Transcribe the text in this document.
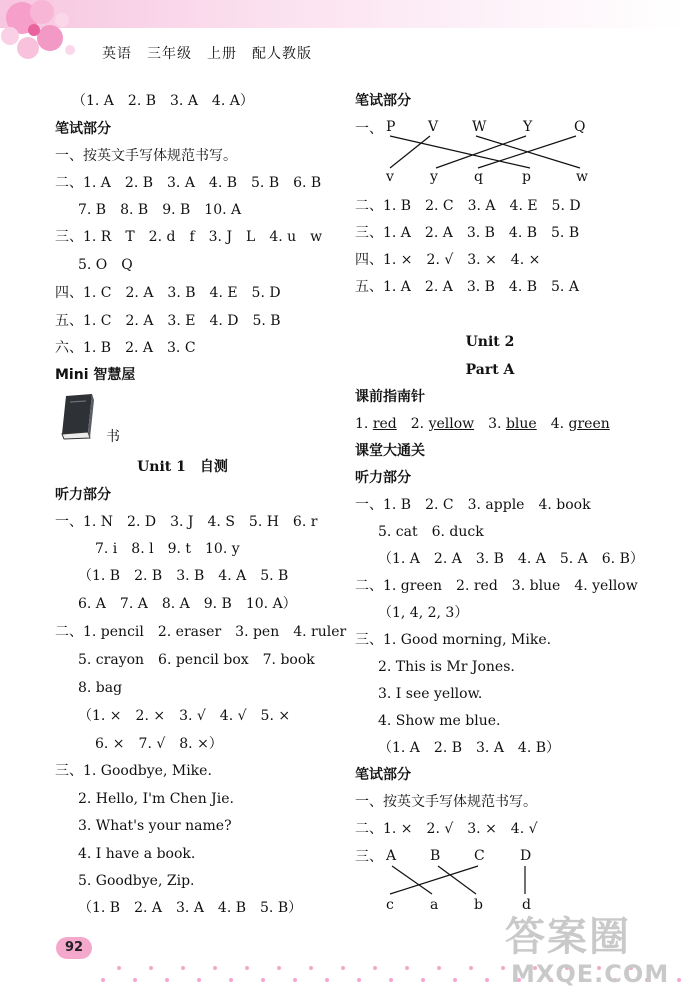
英语　三年级　上册　配人教版
（1. A　2. B　3. A　4. A）
笔试部分
一、按英文手写体规范书写。
二、1. A　2. B　3. A　4. B　5. B　6. B
7. B　8. B　9. B　10. A
三、1. R　T　2. d　f　3. J　L　4. u　w
5. O　Q
四、1. C　2. A　3. B　4. E　5. D
五、1. C　2. A　3. E　4. D　5. B
六、1. B　2. A　3. C
Mini 智慧屋
书
Unit 1　自测
听力部分
一、1. N　2. D　3. J　4. S　5. H　6. r
7. i　8. l　9. t　10. y
（1. B　2. B　3. B　4. A　5. B
6. A　7. A　8. A　9. B　10. A）
二、1. pencil　2. eraser　3. pen　4. ruler
5. crayon　6. pencil box　7. book
8. bag
（1. ×　2. ×　3. √　4. √　5. ×
6. ×　7. √　8. ×）
三、1. Goodbye, Mike.
2. Hello, I'm Chen Jie.
3. What's your name?
4. I have a book.
5. Goodbye, Zip.
（1. B　2. A　3. A　4. B　5. B）
笔试部分
一、 P V W	Y	Q
v	y	q	p	w
二、1. B　2. C　3. A　4. E　5. D
三、1. A　2. A　3. B　4. B　5. B
四、1. ×　2. √　3. ×　4. ×
五、1. A　2. A　3. B　4. B　5. A
Unit 2
Part A
课前指南针
1. red　2. yellow　3. blue　4. green
课堂大通关
听力部分
一、1. B　2. C　3. apple　4. book
5. cat　6. duck
（1. A　2. A　3. B　4. A　5. A　6. B）
二、1. green　2. red　3. blue　4. yellow
（1, 4, 2, 3）
三、1. Good morning, Mike.
2. This is Mr Jones.
3. I see yellow.
4. Show me blue.
（1. A　2. B　3. A　4. B）
笔试部分
一、按英文手写体规范书写。
二、1. ×　2. √　3. ×　4. √
三、 A B C	D
c	a	b	d
92	答案圈
MXQE.COM
